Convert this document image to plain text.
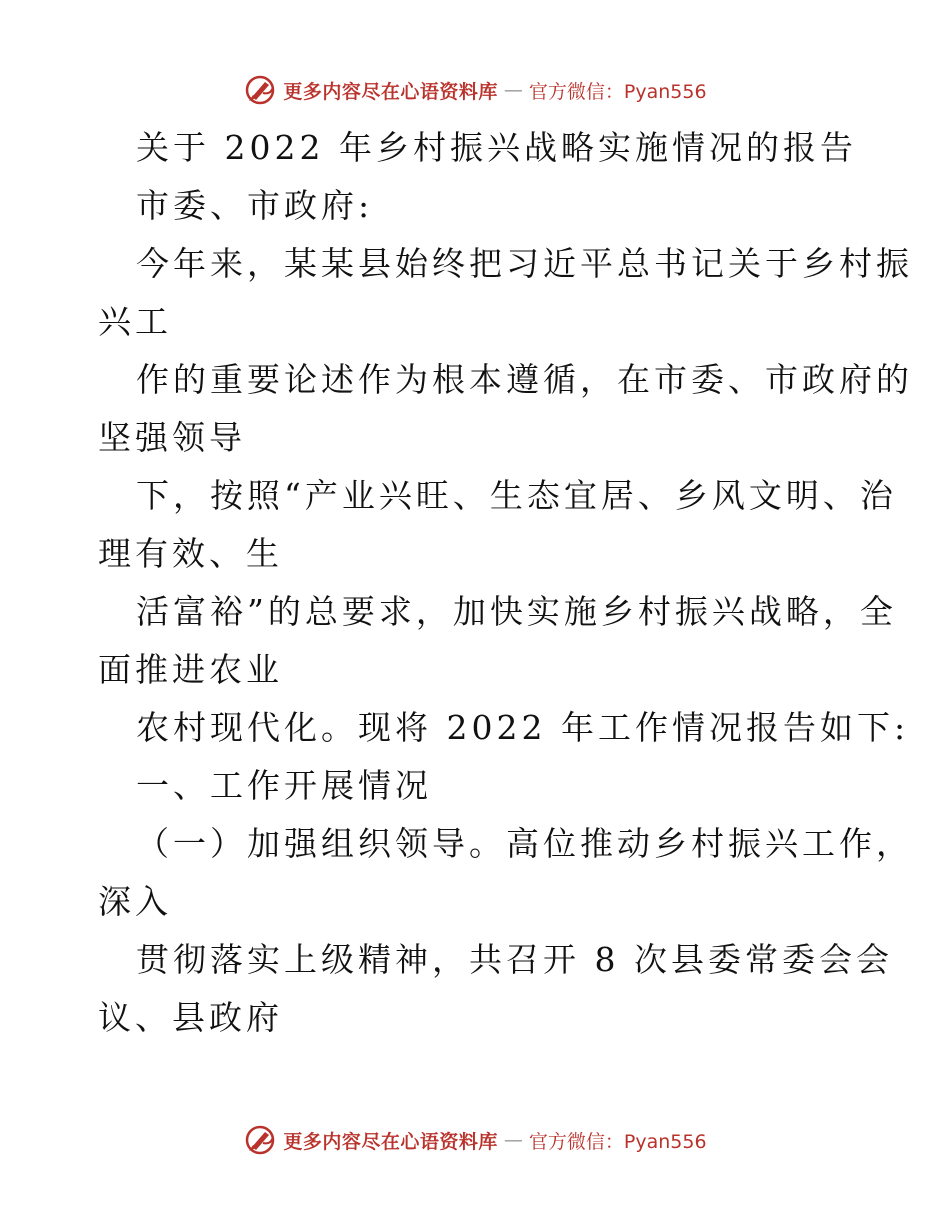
更多内容尽在心语资料库 — 官方微信：Pyan556
关于 2022 年乡村振兴战略实施情况的报告
市委、市政府:
今年来，某某县始终把习近平总书记关于乡村振
兴工
作的重要论述作为根本遵循，在市委、市政府的
坚强领导
下，按照“产业兴旺、生态宜居、乡风文明、治
理有效、生
活富裕”的总要求，加快实施乡村振兴战略，全
面推进农业
农村现代化。现将 2022 年工作情况报告如下:
一、工作开展情况
（一）加强组织领导。高位推动乡村振兴工作，
深入
贯彻落实上级精神，共召开 8 次县委常委会会
议、县政府
更多内容尽在心语资料库 — 官方微信：Pyan556
